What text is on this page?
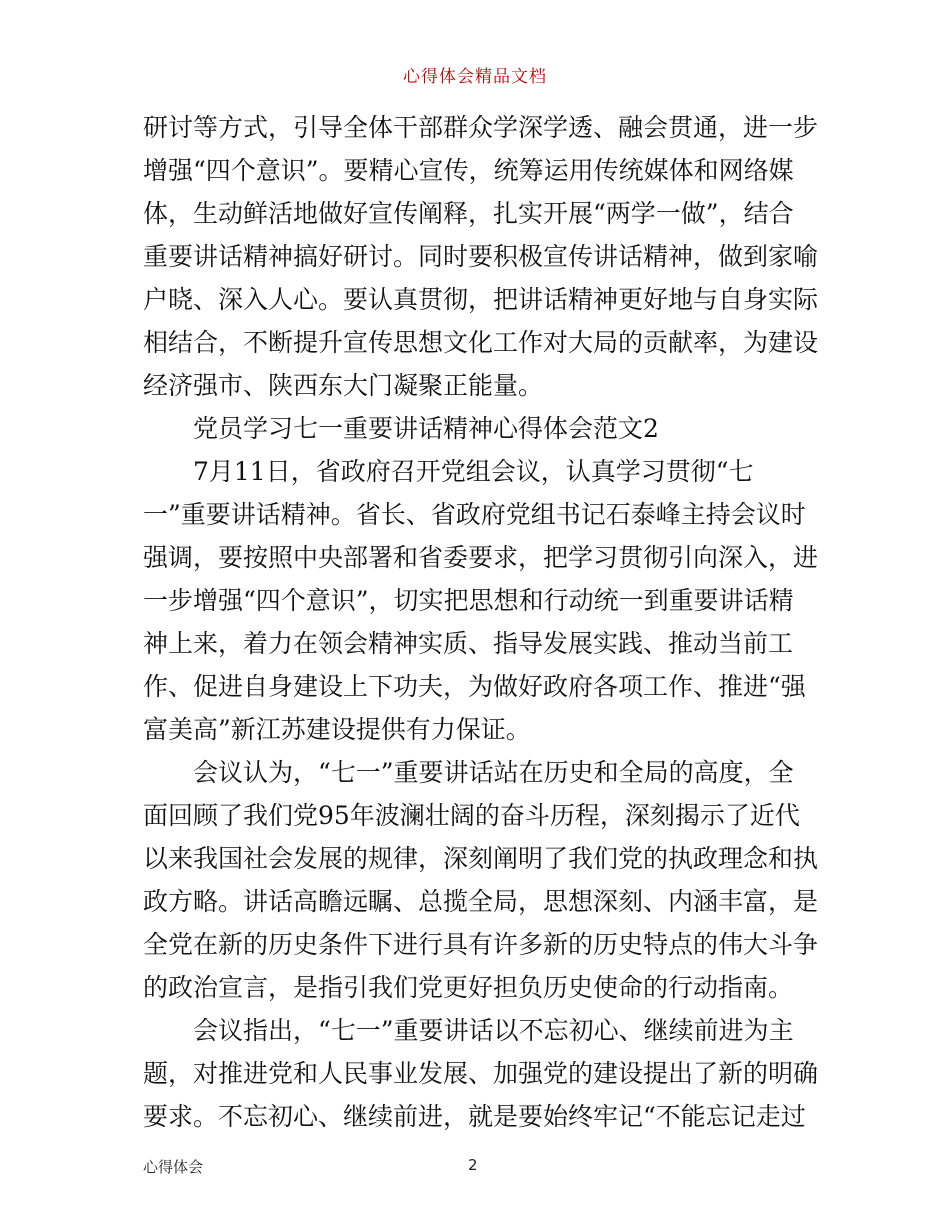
心得体会精品文档
研讨等方式，引导全体干部群众学深学透、融会贯通，进一步
增强“四个意识”。要精心宣传，统筹运用传统媒体和网络媒
体，生动鲜活地做好宣传阐释，扎实开展“两学一做”，结合
重要讲话精神搞好研讨。同时要积极宣传讲话精神，做到家喻
户晓、深入人心。要认真贯彻，把讲话精神更好地与自身实际
相结合，不断提升宣传思想文化工作对大局的贡献率，为建设
经济强市、陕西东大门凝聚正能量。
　　党员学习七一重要讲话精神心得体会范文2
　　7月11日，省政府召开党组会议，认真学习贯彻“七
一”重要讲话精神。省长、省政府党组书记石泰峰主持会议时
强调，要按照中央部署和省委要求，把学习贯彻引向深入，进
一步增强“四个意识”，切实把思想和行动统一到重要讲话精
神上来，着力在领会精神实质、指导发展实践、推动当前工
作、促进自身建设上下功夫，为做好政府各项工作、推进“强
富美高”新江苏建设提供有力保证。
　　会议认为，“七一”重要讲话站在历史和全局的高度，全
面回顾了我们党95年波澜壮阔的奋斗历程，深刻揭示了近代
以来我国社会发展的规律，深刻阐明了我们党的执政理念和执
政方略。讲话高瞻远瞩、总揽全局，思想深刻、内涵丰富，是
全党在新的历史条件下进行具有许多新的历史特点的伟大斗争
的政治宣言，是指引我们党更好担负历史使命的行动指南。
　　会议指出，“七一”重要讲话以不忘初心、继续前进为主
题，对推进党和人民事业发展、加强党的建设提出了新的明确
要求。不忘初心、继续前进，就是要始终牢记“不能忘记走过
心得体会	2
